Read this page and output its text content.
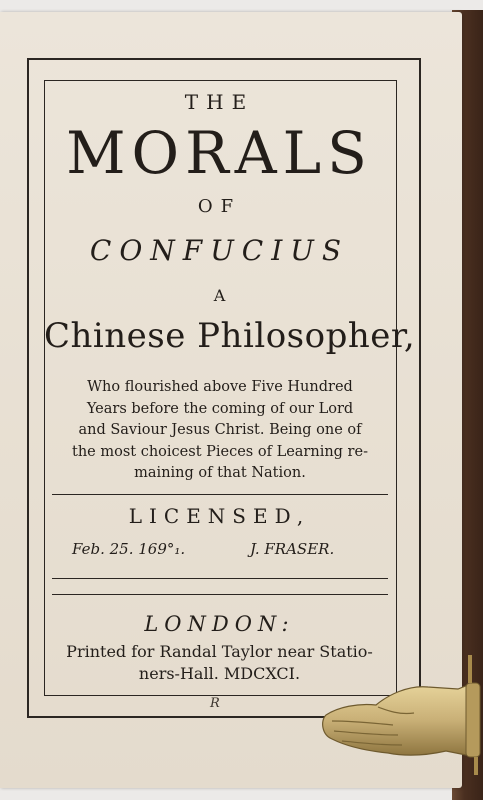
THE

MORALS

OF

CONFUCIUS

A

Chinese Philosopher,

Who flourished above Five Hundred
Years before the coming of our Lord
and Saviour Jesus Christ. Being one of
the most choicest Pieces of Learning re-
maining of that Nation.

LICENSED,

Feb. 25. 169°₁.	J. FRASER.

LONDON:

Printed for Randal Taylor near Statio-

ners-Hall. MDCXCI.

R
